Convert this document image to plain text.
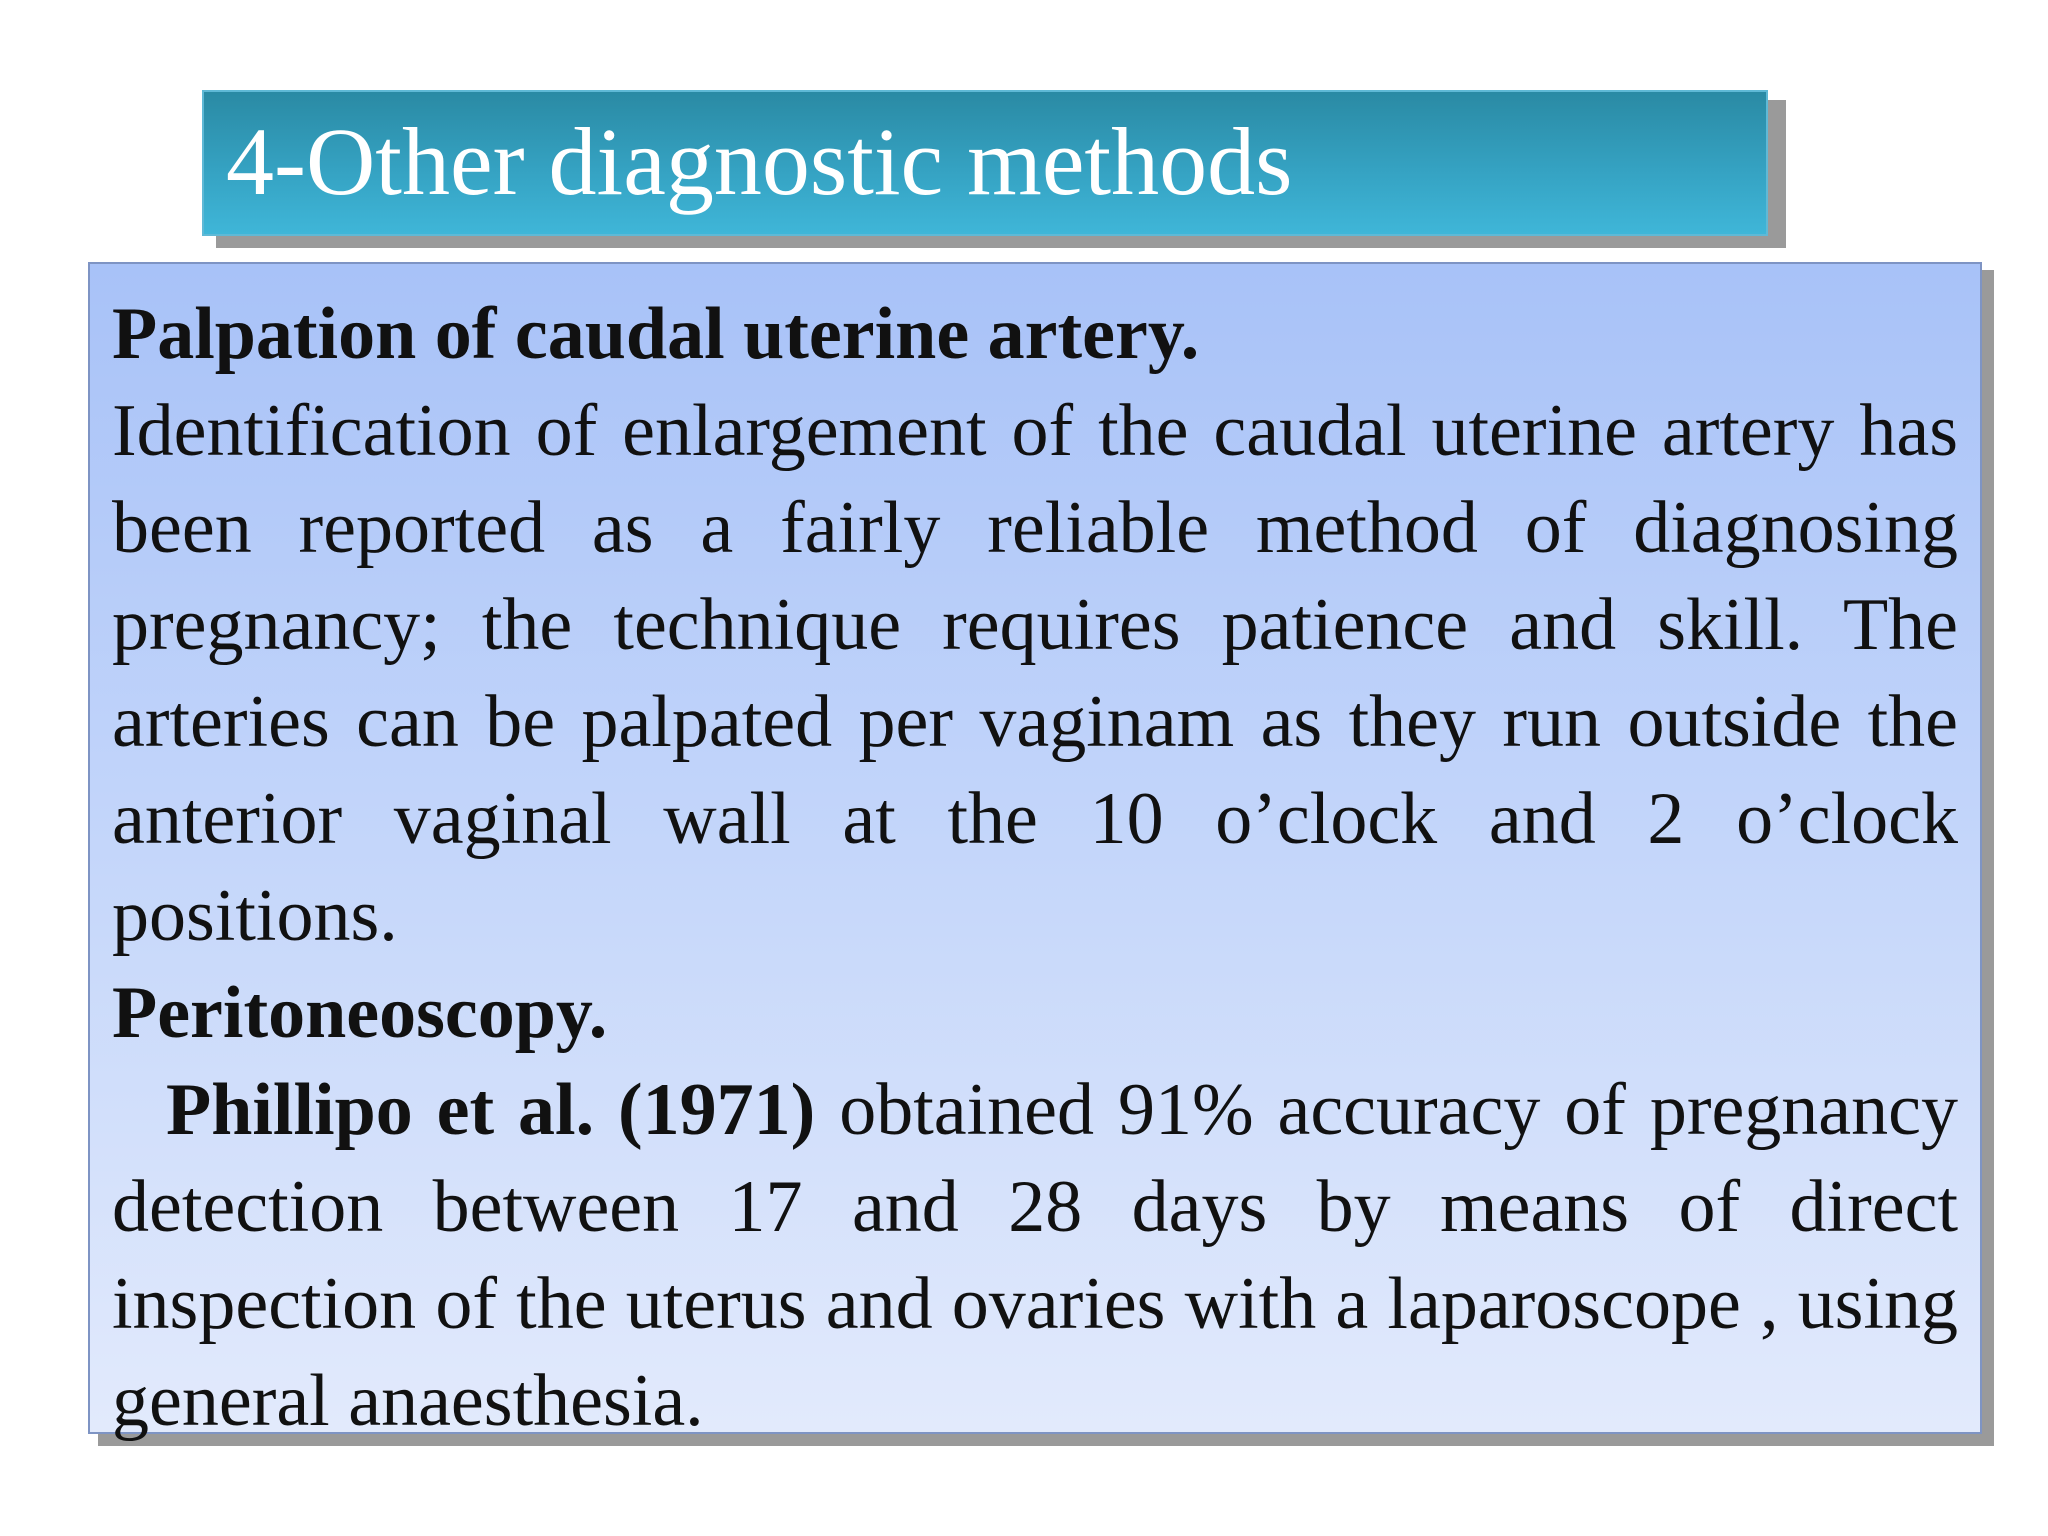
4-Other diagnostic methods

Palpation of caudal uterine artery.

Identification of enlargement of the caudal uterine artery has been reported as a fairly reliable method of diagnosing pregnancy; the technique requires patience and skill. The arteries can be palpated per vaginam as they run outside the anterior vaginal wall at the 10 o’clock and 2 o’clock positions.

Peritoneoscopy.

Phillipo et al. (1971) obtained 91% accuracy of pregnancy detection between 17 and 28 days by means of direct inspection of the uterus and ovaries with a laparoscope , using general anaesthesia.
